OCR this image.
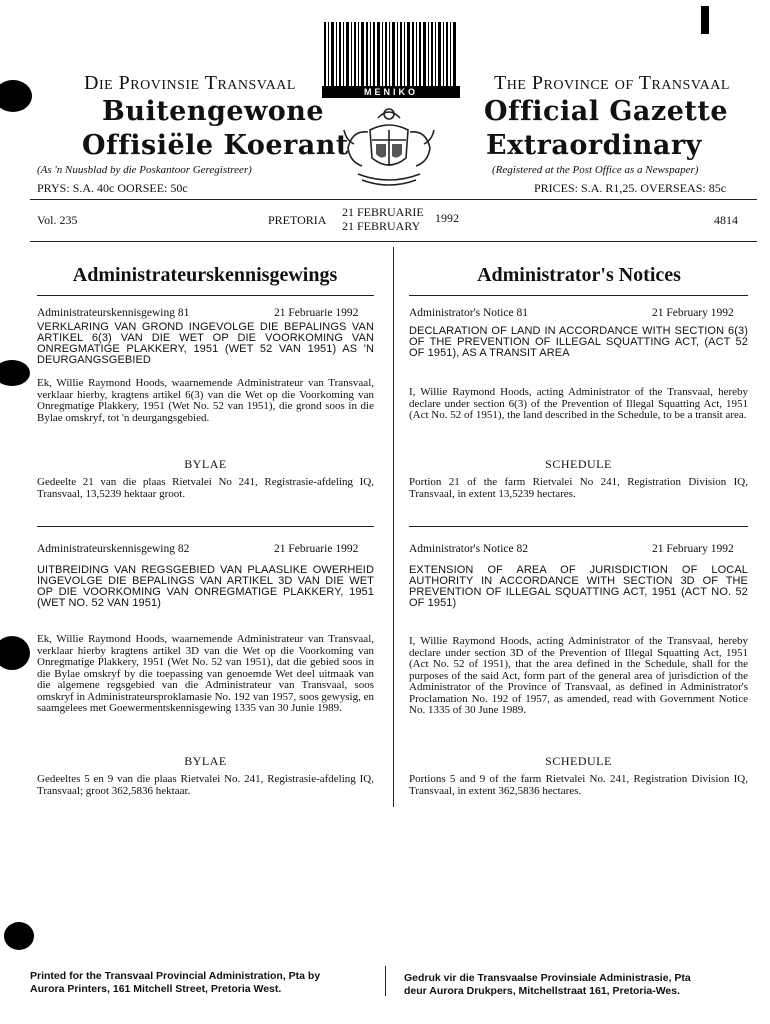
MENIKO
Die Provinsie Transvaal
Buitengewone
Offisiële Koerant
(As 'n Nuusblad by die Poskantoor Geregistreer)
PRYS: S.A. 40c OORSEE: 50c
The Province of Transvaal
Official Gazette
Extraordinary
(Registered at the Post Office as a Newspaper)
PRICES: S.A. R1,25. OVERSEAS: 85c
Vol. 235	PRETORIA
21 FEBRUARIE
21 FEBRUARY
1992	4814
Administrateurskennisgewings	Administrator's Notices
Administrateurskennisgewing 81	21 Februarie 1992
VERKLARING VAN GROND INGEVOLGE DIE BEPALINGS VAN ARTIKEL 6(3) VAN DIE WET OP DIE VOORKOMING VAN ONREGMATIGE PLAKKERY, 1951 (WET 52 VAN 1951) AS 'N DEURGANGSGEBIED
Ek, Willie Raymond Hoods, waarnemende Administrateur van Transvaal, verklaar hierby, kragtens artikel 6(3) van die Wet op die Voorkoming van Onregmatige Plakkery, 1951 (Wet No. 52 van 1951), die grond soos in die Bylae omskryf, tot 'n deurgangsgebied.
BYLAE
Gedeelte 21 van die plaas Rietvalei No 241, Registrasie-afdeling IQ, Transvaal, 13,5239 hektaar groot.
Administrateurskennisgewing 82	21 Februarie 1992
UITBREIDING VAN REGSGEBIED VAN PLAASLIKE OWERHEID INGEVOLGE DIE BEPALINGS VAN ARTIKEL 3D VAN DIE WET OP DIE VOORKOMING VAN ONREGMATIGE PLAKKERY, 1951 (WET NO. 52 VAN 1951)
Ek, Willie Raymond Hoods, waarnemende Administrateur van Transvaal, verklaar hierby kragtens artikel 3D van die Wet op die Voorkoming van Onregmatige Plakkery, 1951 (Wet No. 52 van 1951), dat die gebied soos in die Bylae omskryf by die toepassing van genoemde Wet deel uitmaak van die algemene regsgebied van die Administrateur van Transvaal, soos omskryf in Administrateursproklamasie No. 192 van 1957, soos gewysig, en saamgelees met Goewermentskennisgewing 1335 van 30 Junie 1989.
BYLAE
Gedeeltes 5 en 9 van die plaas Rietvalei No. 241, Registrasie-afdeling IQ, Transvaal; groot 362,5836 hektaar.
Administrator's Notice 81	21 February 1992
DECLARATION OF LAND IN ACCORDANCE WITH SECTION 6(3) OF THE PREVENTION OF ILLEGAL SQUATTING ACT, (ACT 52 OF 1951), AS A TRANSIT AREA
I, Willie Raymond Hoods, acting Administrator of the Transvaal, hereby declare under section 6(3) of the Prevention of Illegal Squatting Act, 1951 (Act No. 52 of 1951), the land described in the Schedule, to be a transit area.
SCHEDULE
Portion 21 of the farm Rietvalei No 241, Registration Division IQ, Transvaal, in extent 13,5239 hectares.
Administrator's Notice 82	21 February 1992
EXTENSION OF AREA OF JURISDICTION OF LOCAL AUTHORITY IN ACCORDANCE WITH SECTION 3D OF THE PREVENTION OF ILLEGAL SQUATTING ACT, 1951 (ACT NO. 52 OF 1951)
I, Willie Raymond Hoods, acting Administrator of the Transvaal, hereby declare under section 3D of the Prevention of Illegal Squatting Act, 1951 (Act No. 52 of 1951), that the area defined in the Schedule, shall for the purposes of the said Act, form part of the general area of jurisdiction of the Administrator of the Province of Transvaal, as defined in Administrator's Proclamation No. 192 of 1957, as amended, read with Government Notice No. 1335 of 30 June 1989.
SCHEDULE
Portions 5 and 9 of the farm Rietvalei No. 241, Registration Division IQ, Transvaal, in extent 362,5836 hectares.
Printed for the Transvaal Provincial Administration, Pta by
Aurora Printers, 161 Mitchell Street, Pretoria West.
Gedruk vir die Transvaalse Provinsiale Administrasie, Pta
deur Aurora Drukpers, Mitchellstraat 161, Pretoria-Wes.
